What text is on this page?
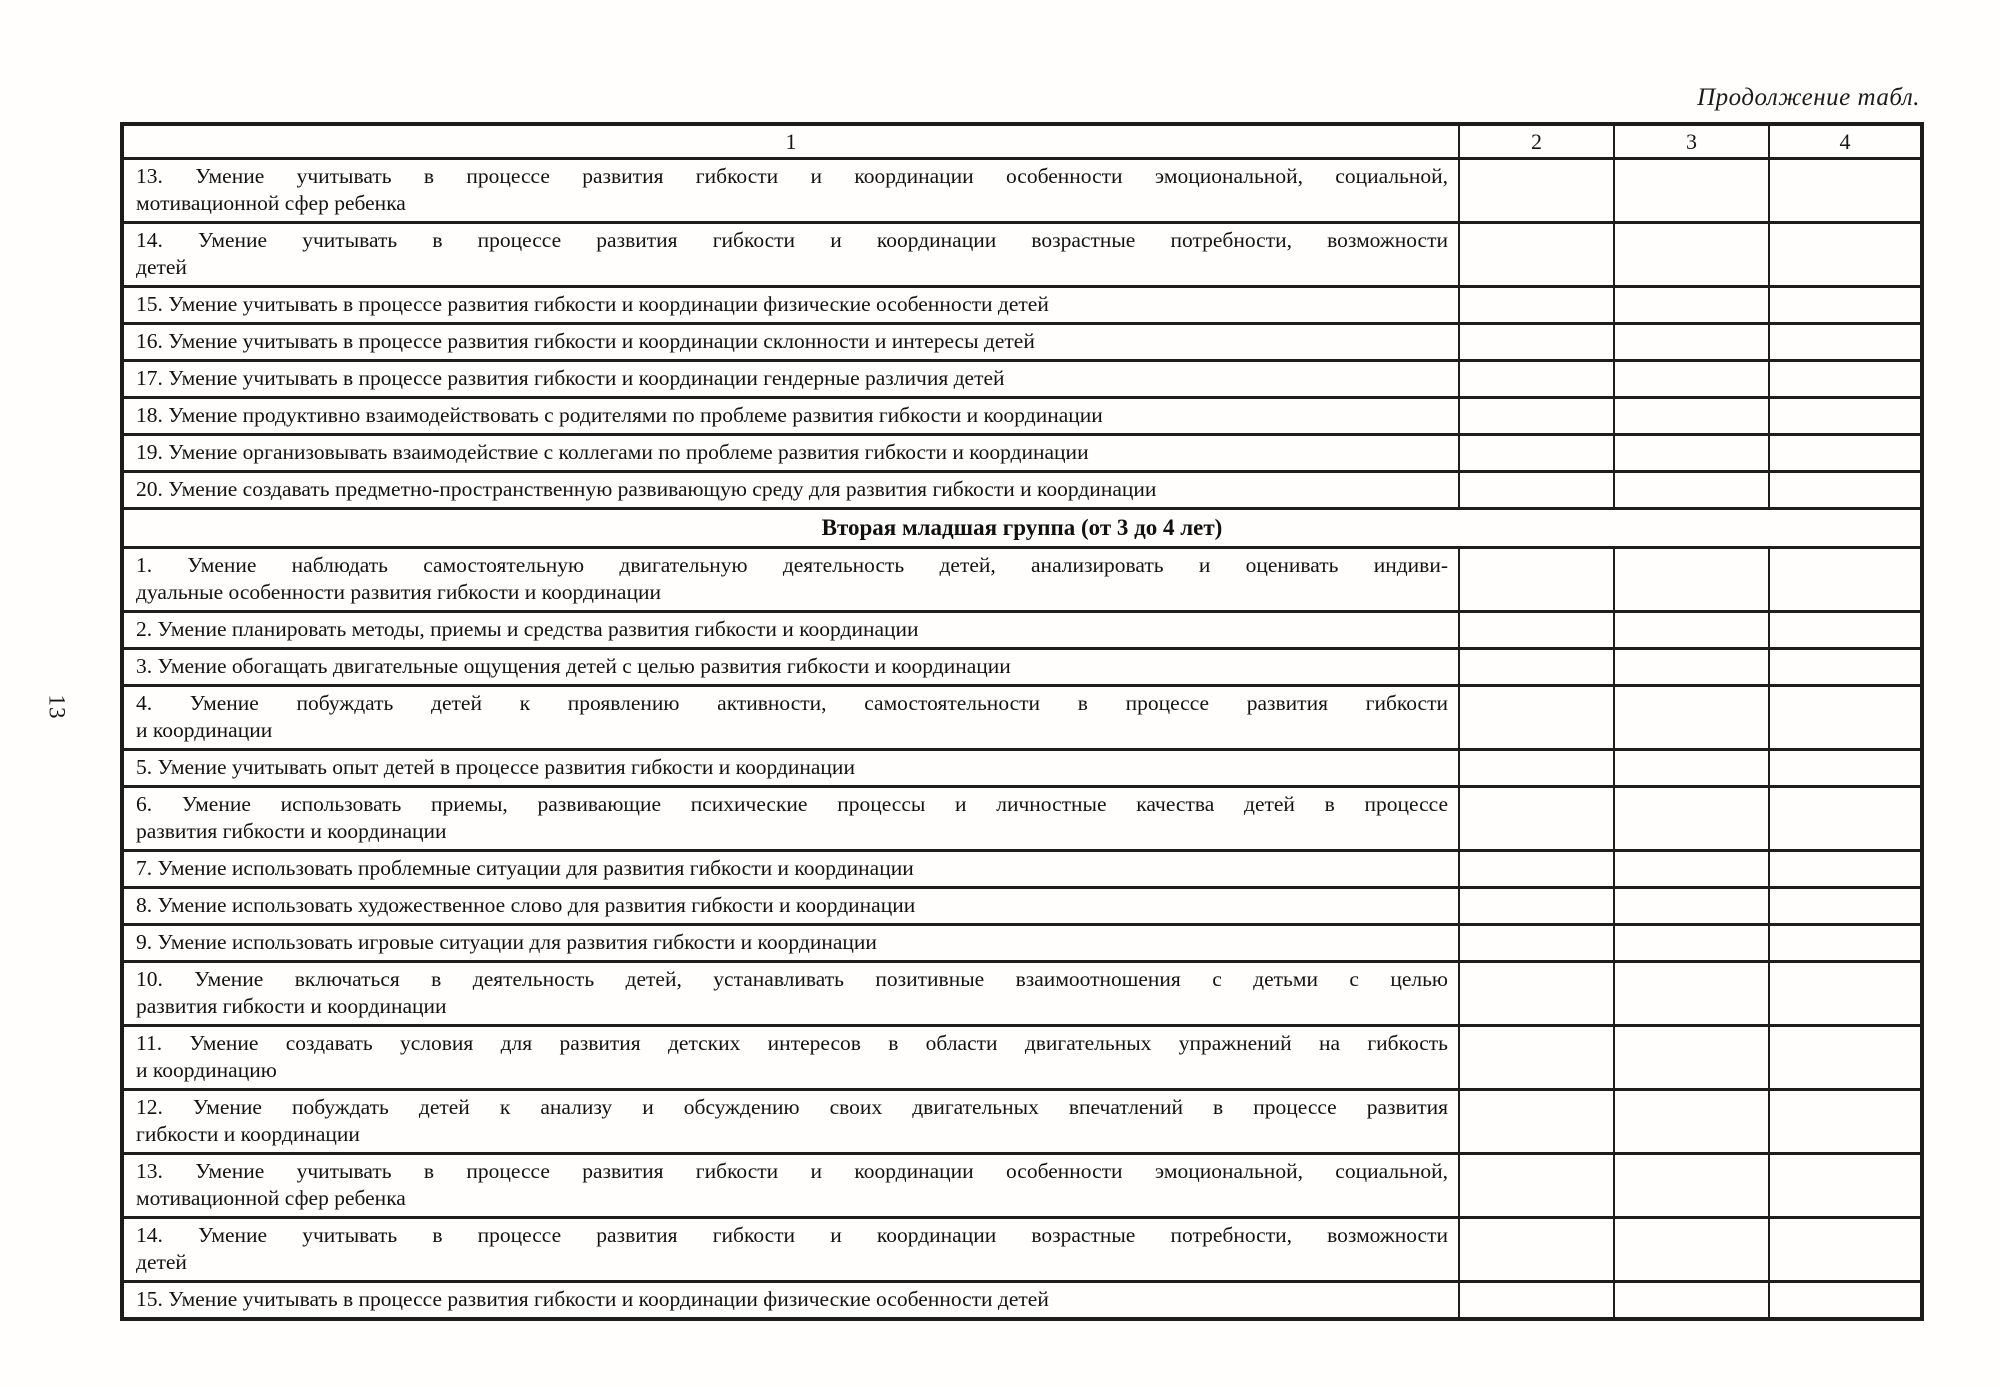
Продолжение табл.
13
1	2	3	4

13. Умение учитывать в процессе развития гибкости и координации особенности эмоциональной, социальной,
мотивационной сфер ребенка			

14. Умение учитывать в процессе развития гибкости и координации возрастные потребности, возможности
детей			

15. Умение учитывать в процессе развития гибкости и координации физические особенности детей			

16. Умение учитывать в процессе развития гибкости и координации склонности и интересы детей			

17. Умение учитывать в процессе развития гибкости и координации гендерные различия детей			

18. Умение продуктивно взаимодействовать с родителями по проблеме развития гибкости и координации			

19. Умение организовывать взаимодействие с коллегами по проблеме развития гибкости и координации			

20. Умение создавать предметно-пространственную развивающую среду для развития гибкости и координации			

Вторая младшая группа (от 3 до 4 лет)			

1. Умение наблюдать самостоятельную двигательную деятельность детей, анализировать и оценивать индиви-
дуальные особенности развития гибкости и координации			

2. Умение планировать методы, приемы и средства развития гибкости и координации			

3. Умение обогащать двигательные ощущения детей с целью развития гибкости и координации			

4. Умение побуждать детей к проявлению активности, самостоятельности в процессе развития гибкости
и координации			

5. Умение учитывать опыт детей в процессе развития гибкости и координации			

6. Умение использовать приемы, развивающие психические процессы и личностные качества детей в процессе
развития гибкости и координации			

7. Умение использовать проблемные ситуации для развития гибкости и координации			

8. Умение использовать художественное слово для развития гибкости и координации			

9. Умение использовать игровые ситуации для развития гибкости и координации			

10. Умение включаться в деятельность детей, устанавливать позитивные взаимоотношения с детьми с целью
развития гибкости и координации			

11. Умение создавать условия для развития детских интересов в области двигательных упражнений на гибкость
и координацию			

12. Умение побуждать детей к анализу и обсуждению своих двигательных впечатлений в процессе развития
гибкости и координации			

13. Умение учитывать в процессе развития гибкости и координации особенности эмоциональной, социальной,
мотивационной сфер ребенка			

14. Умение учитывать в процессе развития гибкости и координации возрастные потребности, возможности
детей			

15. Умение учитывать в процессе развития гибкости и координации физические особенности детей			
